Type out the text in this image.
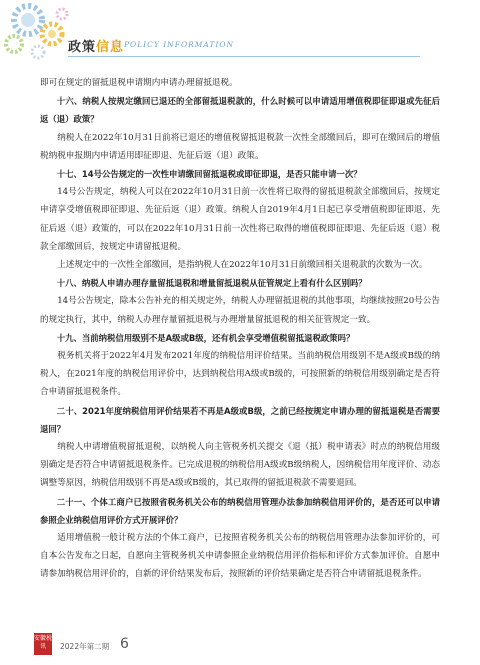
政策信息 POLICY INFORMATION

即可在规定的留抵退税申请期内申请办理留抵退税。

十六、纳税人按规定缴回已退还的全部留抵退税款的，什么时候可以申请适用增值税即征即退或先征后返（退）政策？

纳税人在2022年10月31日前将已退还的增值税留抵退税款一次性全部缴回后，即可在缴回后的增值税纳税申报期内申请适用即征即退、先征后返（退）政策。

十七、14号公告规定的一次性申请缴回留抵退税或即征即退，是否只能申请一次？

14号公告规定，纳税人可以在2022年10月31日前一次性将已取得的留抵退税款全部缴回后，按规定申请享受增值税即征即退、先征后返（退）政策。纳税人自2019年4月1日起已享受增值税即征即退、先征后返（退）政策的，可以在2022年10月31日前一次性将已取得的增值税即征即退、先征后返（退）税款全部缴回后，按规定申请留抵退税。

上述规定中的一次性全部缴回，是指纳税人在2022年10月31日前缴回相关退税款的次数为一次。

十八、纳税人申请办理存量留抵退税和增量留抵退税从征管规定上看有什么区别吗？

14号公告规定，除本公告补充的相关规定外，纳税人办理留抵退税的其他事项，均继续按照20号公告的规定执行，其中，纳税人办理存量留抵退税与办理增量留抵退税的相关征管规定一致。

十九、当前纳税信用级别不是A级或B级，还有机会享受增值税留抵退税政策吗？

税务机关将于2022年4月发布2021年度的纳税信用评价结果。当前纳税信用级别不是A级或B级的纳税人，在2021年度的纳税信用评价中，达到纳税信用A级或B级的，可按照新的纳税信用级别确定是否符合申请留抵退税条件。

二十、2021年度纳税信用评价结果若不再是A级或B级，之前已经按规定申请办理的留抵退税是否需要退回？

纳税人申请增值税留抵退税，以纳税人向主管税务机关提交《退（抵）税申请表》时点的纳税信用级别确定是否符合申请留抵退税条件。已完成退税的纳税信用A级或B级纳税人，因纳税信用年度评价、动态调整等原因，纳税信用级别不再是A级或B级的，其已取得的留抵退税款不需要退回。

二十一、个体工商户已按照省税务机关公布的纳税信用管理办法参加纳税信用评价的，是否还可以申请参照企业纳税信用评价方式开展评价？

适用增值税一般计税方法的个体工商户，已按照省税务机关公布的纳税信用管理办法参加评价的，可自本公告发布之日起，自愿向主管税务机关申请参照企业纳税信用评价指标和评价方式参加评价。自愿申请参加纳税信用评价的，自新的评价结果发布后，按照新的评价结果确定是否符合申请留抵退税条件。

安徽税讯	2022年第二期 6
